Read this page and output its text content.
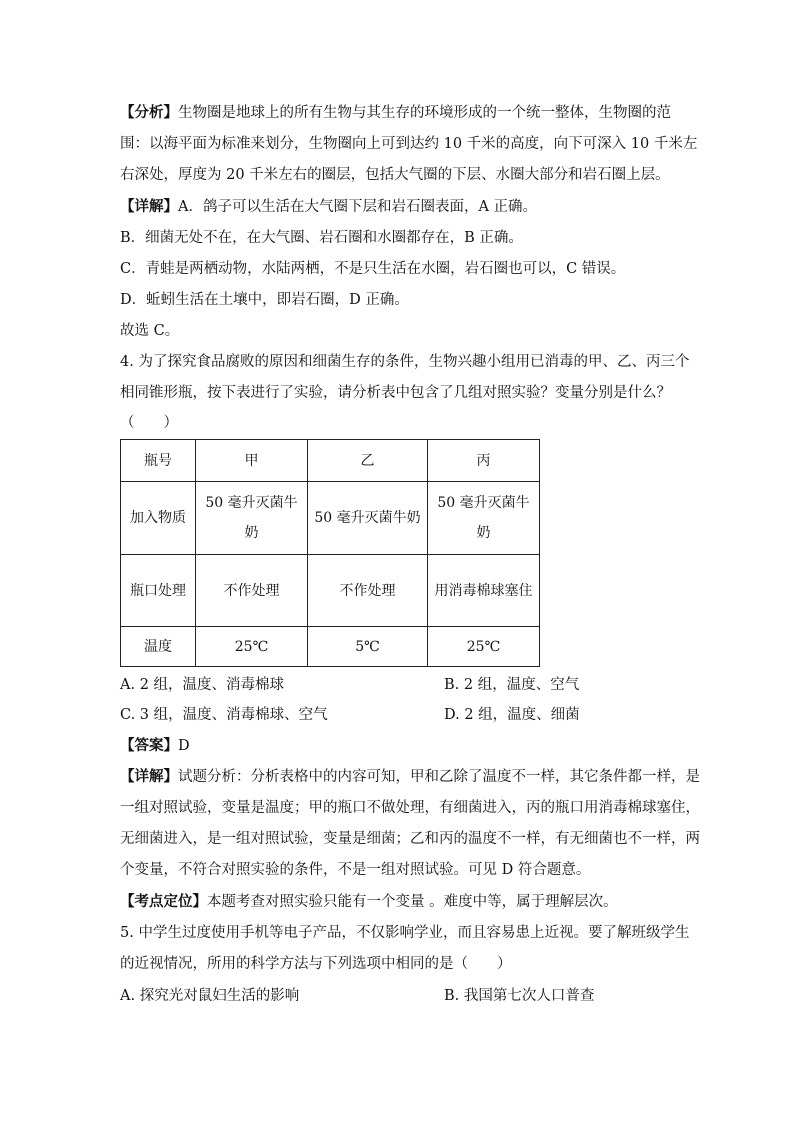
【分析】生物圈是地球上的所有生物与其生存的环境形成的一个统一整体，生物圈的范
围：以海平面为标准来划分，生物圈向上可到达约 10 千米的高度，向下可深入 10 千米左
右深处，厚度为 20 千米左右的圈层，包括大气圈的下层、水圈大部分和岩石圈上层。
【详解】A．鸽子可以生活在大气圈下层和岩石圈表面，A 正确。
B．细菌无处不在，在大气圈、岩石圈和水圈都存在，B 正确。
C．青蛙是两栖动物，水陆两栖，不是只生活在水圈，岩石圈也可以，C 错误。
D．蚯蚓生活在土壤中，即岩石圈，D 正确。
故选 C。
4. 为了探究食品腐败的原因和细菌生存的条件，生物兴趣小组用已消毒的甲、乙、丙三个
相同锥形瓶，按下表进行了实验，请分析表中包含了几组对照实验？变量分别是什么？
（　　）
瓶号	甲	乙	丙
加入物质	50 毫升灭菌牛奶	50 毫升灭菌牛奶	50 毫升灭菌牛奶
瓶口处理	不作处理	不作处理	用消毒棉球塞住
温度	25℃	5℃	25℃
A. 2 组，温度、消毒棉球	B. 2 组，温度、空气
C. 3 组，温度、消毒棉球、空气	D. 2 组，温度、细菌
【答案】D
【详解】试题分析：分析表格中的内容可知，甲和乙除了温度不一样，其它条件都一样，是
一组对照试验，变量是温度；甲的瓶口不做处理，有细菌进入，丙的瓶口用消毒棉球塞住，
无细菌进入，是一组对照试验，变量是细菌；乙和丙的温度不一样，有无细菌也不一样，两
个变量，不符合对照实验的条件，不是一组对照试验。可见 D 符合题意。
【考点定位】本题考查对照实验只能有一个变量 。难度中等，属于理解层次。
5. 中学生过度使用手机等电子产品，不仅影响学业，而且容易患上近视。要了解班级学生
的近视情况，所用的科学方法与下列选项中相同的是（　　）
A. 探究光对鼠妇生活的影响	B. 我国第七次人口普查
